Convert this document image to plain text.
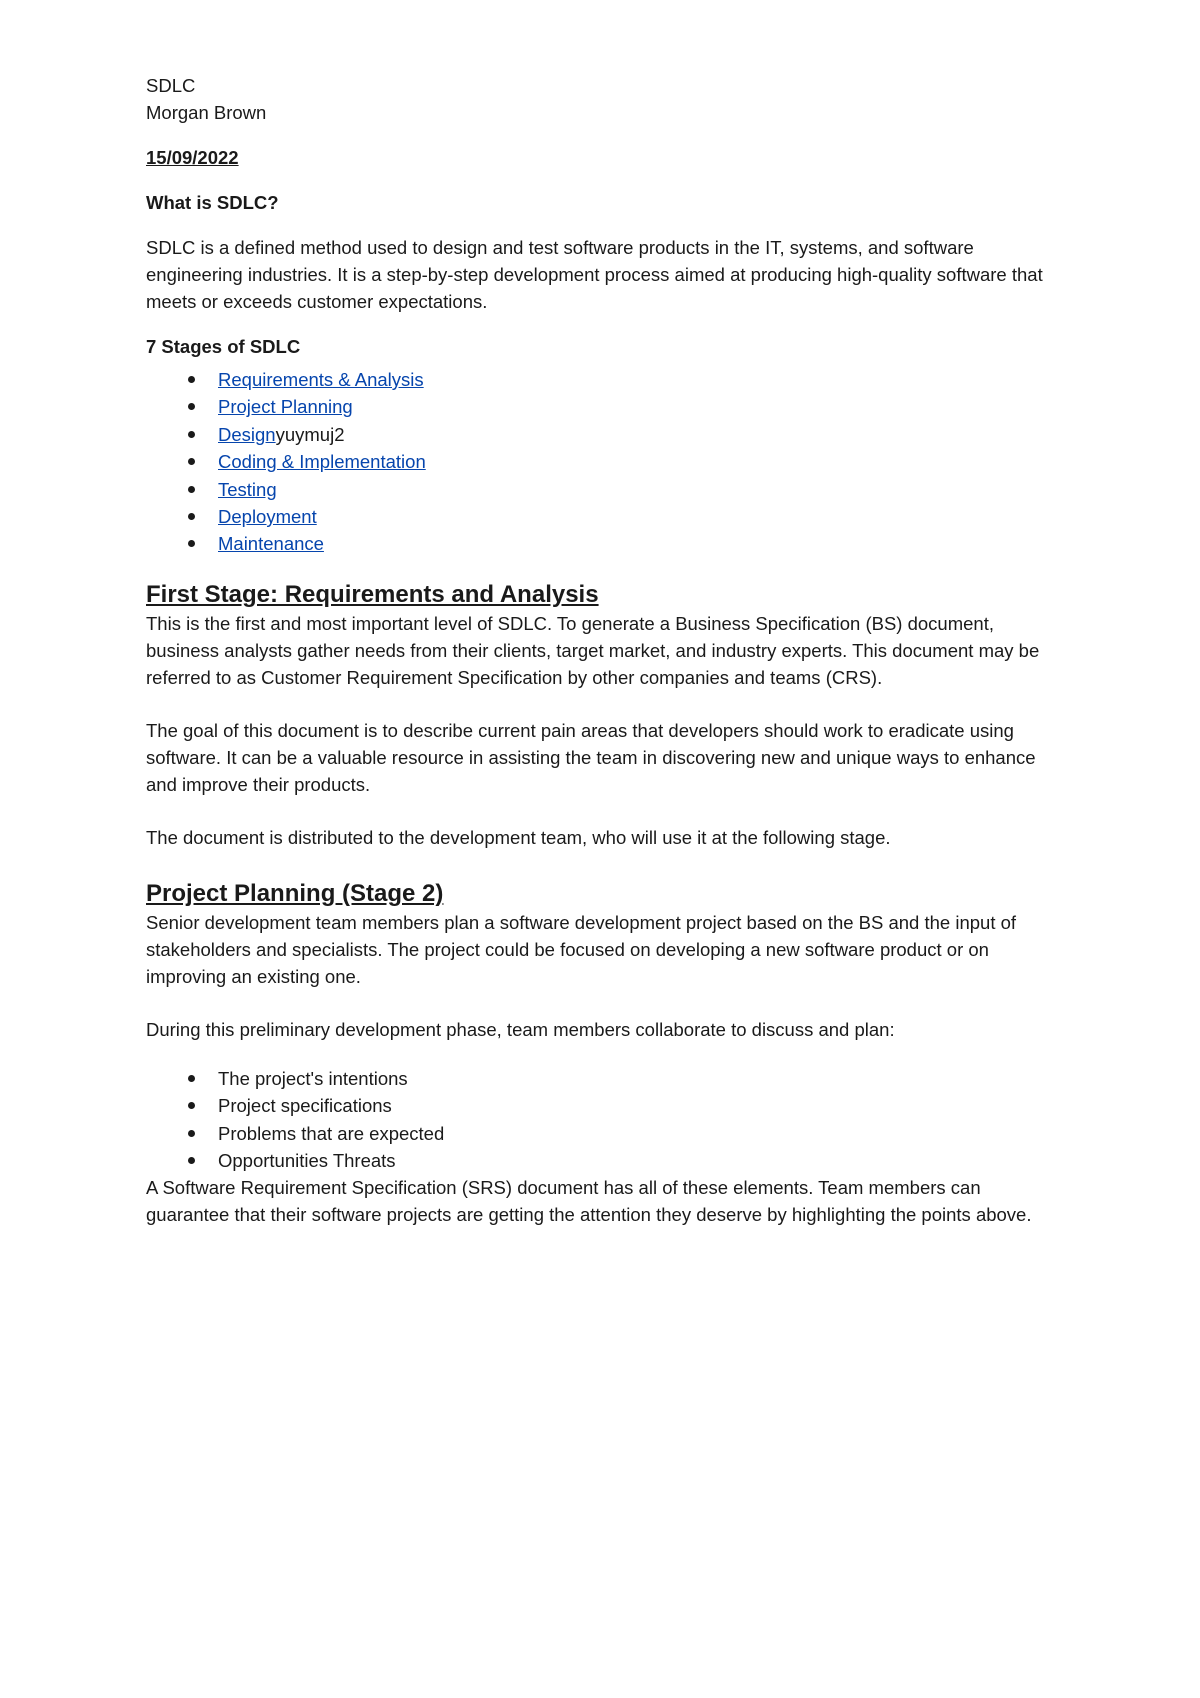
SDLC

Morgan Brown

15/09/2022

What is SDLC?

SDLC is a defined method used to design and test software products in the IT, systems, and software engineering industries. It is a step-by-step development process aimed at producing high-quality software that meets or exceeds customer expectations.

7 Stages of SDLC

Requirements & Analysis
Project Planning
Designyuymuj2
Coding & Implementation
Testing
Deployment
Maintenance
First Stage: Requirements and Analysis

This is the first and most important level of SDLC. To generate a Business Specification (BS) document, business analysts gather needs from their clients, target market, and industry experts. This document may be referred to as Customer Requirement Specification by other companies and teams (CRS).

The goal of this document is to describe current pain areas that developers should work to eradicate using software. It can be a valuable resource in assisting the team in discovering new and unique ways to enhance and improve their products.

The document is distributed to the development team, who will use it at the following stage.

Project Planning (Stage 2)

Senior development team members plan a software development project based on the BS and the input of stakeholders and specialists. The project could be focused on developing a new software product or on improving an existing one.

During this preliminary development phase, team members collaborate to discuss and plan:

The project's intentions
Project specifications
Problems that are expected
Opportunities Threats

A Software Requirement Specification (SRS) document has all of these elements. Team members can guarantee that their software projects are getting the attention they deserve by highlighting the points above.
